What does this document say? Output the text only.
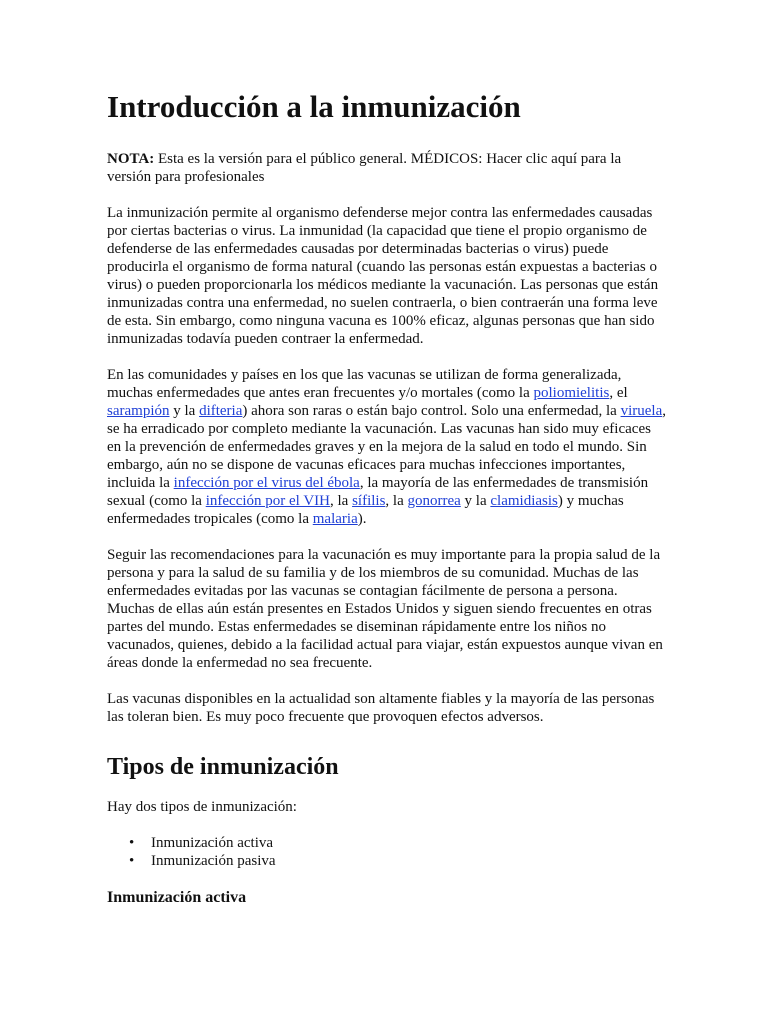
Introducción a la inmunización

NOTA: Esta es la versión para el público general. MÉDICOS: Hacer clic aquí para la versión para profesionales

La inmunización permite al organismo defenderse mejor contra las enfermedades causadas por ciertas bacterias o virus. La inmunidad (la capacidad que tiene el propio organismo de defenderse de las enfermedades causadas por determinadas bacterias o virus) puede producirla el organismo de forma natural (cuando las personas están expuestas a bacterias o virus) o pueden proporcionarla los médicos mediante la vacunación. Las personas que están inmunizadas contra una enfermedad, no suelen contraerla, o bien contraerán una forma leve de esta. Sin embargo, como ninguna vacuna es 100% eficaz, algunas personas que han sido inmunizadas todavía pueden contraer la enfermedad.

En las comunidades y países en los que las vacunas se utilizan de forma generalizada, muchas enfermedades que antes eran frecuentes y/o mortales (como la poliomielitis, el sarampión y la difteria) ahora son raras o están bajo control. Solo una enfermedad, la viruela, se ha erradicado por completo mediante la vacunación. Las vacunas han sido muy eficaces en la prevención de enfermedades graves y en la mejora de la salud en todo el mundo. Sin embargo, aún no se dispone de vacunas eficaces para muchas infecciones importantes, incluida la infección por el virus del ébola, la mayoría de las enfermedades de transmisión sexual (como la infección por el VIH, la sífilis, la gonorrea y la clamidiasis) y muchas enfermedades tropicales (como la malaria).

Seguir las recomendaciones para la vacunación es muy importante para la propia salud de la persona y para la salud de su familia y de los miembros de su comunidad. Muchas de las enfermedades evitadas por las vacunas se contagian fácilmente de persona a persona. Muchas de ellas aún están presentes en Estados Unidos y siguen siendo frecuentes en otras partes del mundo. Estas enfermedades se diseminan rápidamente entre los niños no vacunados, quienes, debido a la facilidad actual para viajar, están expuestos aunque vivan en áreas donde la enfermedad no sea frecuente.

Las vacunas disponibles en la actualidad son altamente fiables y la mayoría de las personas las toleran bien. Es muy poco frecuente que provoquen efectos adversos.

Tipos de inmunización

Hay dos tipos de inmunización:

• Inmunización activa
• Inmunización pasiva
Inmunización activa
